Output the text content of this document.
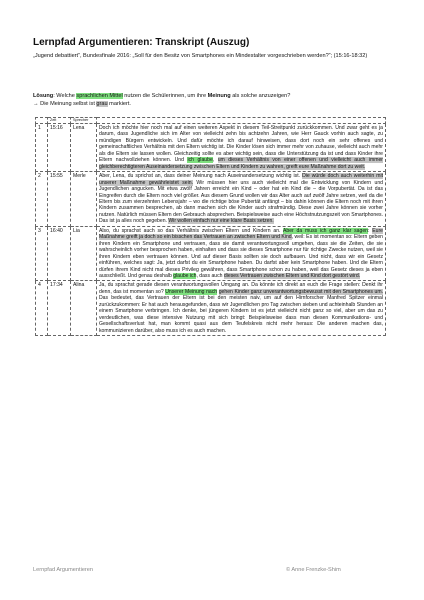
Lernpfad Argumentieren: Transkript (Auszug)
„Jugend debattiert“, Bundesfinale 2016: „Soll für den Besitz von Smartphones ein Mindestalter vorgeschrieben werden?“; (15:16-18:32)
Lösung: Welche sprachlichen Mittel nutzen die Schülerinnen, um ihre Meinung als solche anzuzeigen?
→ Die Meinung selbst ist grau markiert.
	Zeit	Sprecher	
1	15:16	Lena	Doch ich möchte hier noch mal auf einen weiteren Aspekt in diesem Teil-Streitpunkt zurückkommen. Und zwar geht es ja darum, dass Jugendliche sich im Alter von vielleicht zehn bis achtzehn Jahren, wie Herr Gauck vorhin auch sagte, zu mündigen Bürgern entwickeln. Und dafür möchte ich darauf hinweisen, dass dort noch ein sehr offenes und gemeinschaftliches Verhältnis mit den Eltern wichtig ist. Die Kinder lösen sich immer mehr von zuhause, vielleicht auch mehr als die Eltern sie lassen wollen. Gleichzeitig sollte es aber wichtig sein, dass die Unterstützung da ist und dass Kinder ihre Eltern nachvollziehen können. Und ich glaube, um dieses Verhältnis von einer offenen und vielleicht auch immer gleichberechtigteren Auseinandersetzung zwischen Eltern und Kindern zu wahren, greift eure Maßnahme dort zu weit.
2	15:55	Merle	Aber, Lena, du sprichst an, dass deiner Meinung nach Auseinandersetzung wichtig ist. Die würde doch auch weiterhin mit unserer Maßnahme gewährleistet sein. Wir müssen hier uns auch vielleicht mal die Entwicklung von Kindern und Jugendlichen angucken. Mit etwa zwölf Jahren erreicht ein Kind – oder hat ein Kind die – die Vorpubertät. Da ist das Eingreifen durch die Eltern noch viel größer. Aus diesem Grund wollen wir das Alter auch auf zwölf Jahre setzen, weil da die Eltern bis zum vierzehnten Lebensjahr – wo die richtige böse Pubertät anfängt – bis dahin können die Eltern noch mit ihren Kindern zusammen besprechen, ab dann machen sich die Kinder auch strafmündig. Diese zwei Jahre können sie vorher nutzen. Natürlich müssen Eltern den Gebrauch absprechen. Beispielsweise auch eine Höchstnutzungszeit von Smartphones. Das ist ja alles noch gegeben. Wir wollen einfach nur eine klare Basis setzen.
3	16:40	Lia	Also, du sprachst auch so das Verhältnis zwischen Eltern und Kindern an. Aber da muss ich ganz klar sagen: Eure Maßnahme greift ja doch so ein bisschen das Vertrauen an zwischen Eltern und Kind, weil: Es ist momentan so: Eltern geben ihren Kindern ein Smartphone und vertrauen, dass sie damit verantwortungsvoll umgehen, dass sie die Zeiten, die sie wahrscheinlich vorher besprochen haben, einhalten und dass sie dieses Smartphone nur für richtige Zwecke nutzen, weil sie ihren Kindern eben vertrauen können. Und auf dieser Basis sollten sie doch aufbauen. Und nicht, dass wir ein Gesetz einführen, welches sagt: Ja, jetzt darfst du ein Smartphone haben. Du darfst aber kein Smartphone haben. Und die Eltern dürfen ihrem Kind nicht mal dieses Privileg gewähren, dass Smartphone schon zu haben, weil das Gesetz dieses ja eben ausschließt. Und genau deshalb glaube ich, dass auch dieses Vertrauen zwischen Eltern und Kind dort gestört wird.
4	17:34	Alina	Ja, du sprachst gerade diesen verantwortungsvollen Umgang an. Da könnte ich direkt an euch die Frage stellen: Denkt ihr denn, das ist momentan so? Unserer Meinung nach gehen Kinder ganz unverantwortungsbewusst mit den Smartphones um. Das bedeutet, das Vertrauen der Eltern ist bei den meisten naiv, um auf den Hirnforscher Manfred Spitzer einmal zurückzukommen: Er hat auch herausgefunden, dass wir Jugendlichen pro Tag zwischen sieben und achteinhalb Stunden an einem Smartphone verbringen. Ich denke, bei jüngeren Kindern ist es jetzt vielleicht nicht ganz so viel, aber um das zu verdeutlichen, was diese intensive Nutzung mit sich bringt: Beispielsweise dass man diesen Kommunikations- und Gesellschaftsverlust hat, man kommt quasi aus dem Teufelskreis nicht mehr heraus: Die anderen machen das, kommunizieren darüber, also muss ich es auch machen.
Lernpfad Argumentieren	© Anne Frenzke-Shim
